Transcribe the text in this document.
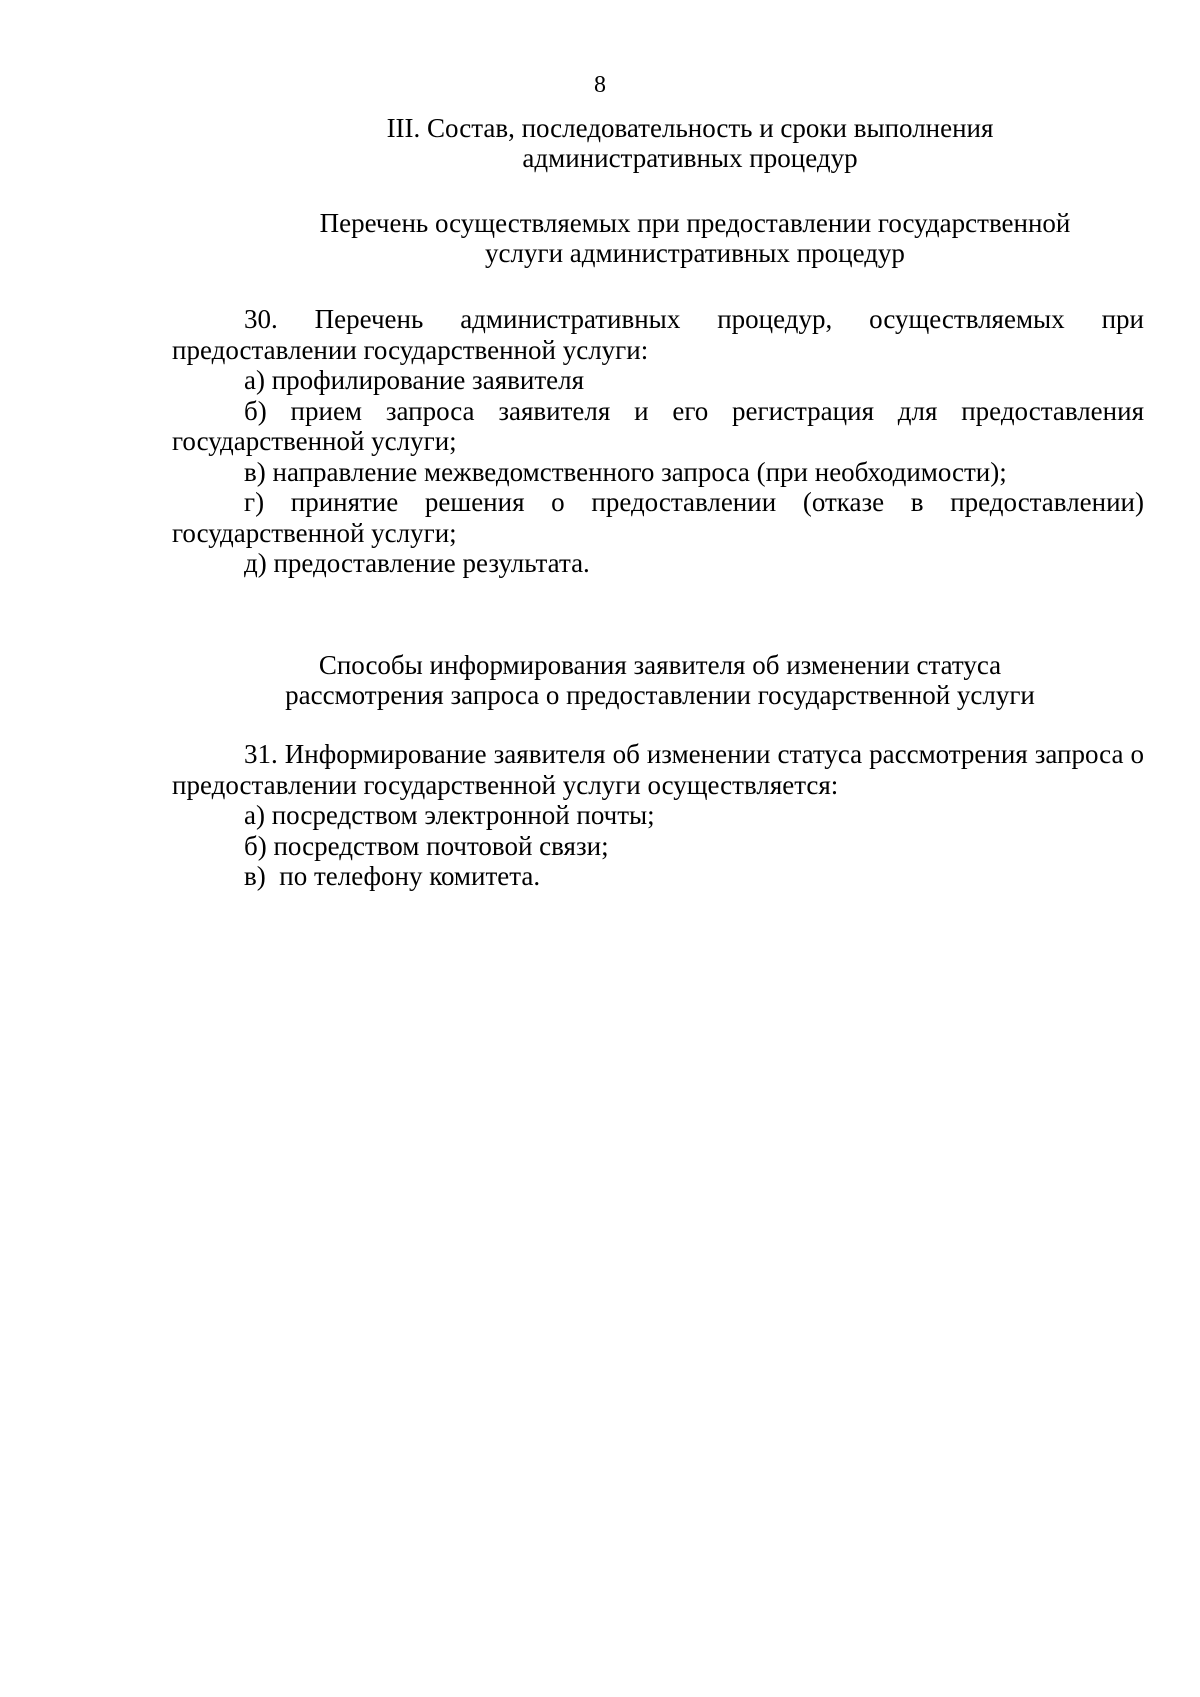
8
III. Состав, последовательность и сроки выполнения
административных процедур
Перечень осуществляемых при предоставлении государственной
услуги административных процедур

30. Перечень административных процедур, осуществляемых при предоставлении государственной услуги:

а) профилирование заявителя

б) прием запроса заявителя и его регистрация для предоставления государственной услуги;

в) направление межведомственного запроса (при необходимости);

г) принятие решения о предоставлении (отказе в предоставлении) государственной услуги;

д) предоставление результата.

Способы информирования заявителя об изменении статуса
рассмотрения запроса о предоставлении государственной услуги

31. Информирование заявителя об изменении статуса рассмотрения запроса о предоставлении государственной услуги осуществляется:

а) посредством электронной почты;

б) посредством почтовой связи;

в)  по телефону комитета.
